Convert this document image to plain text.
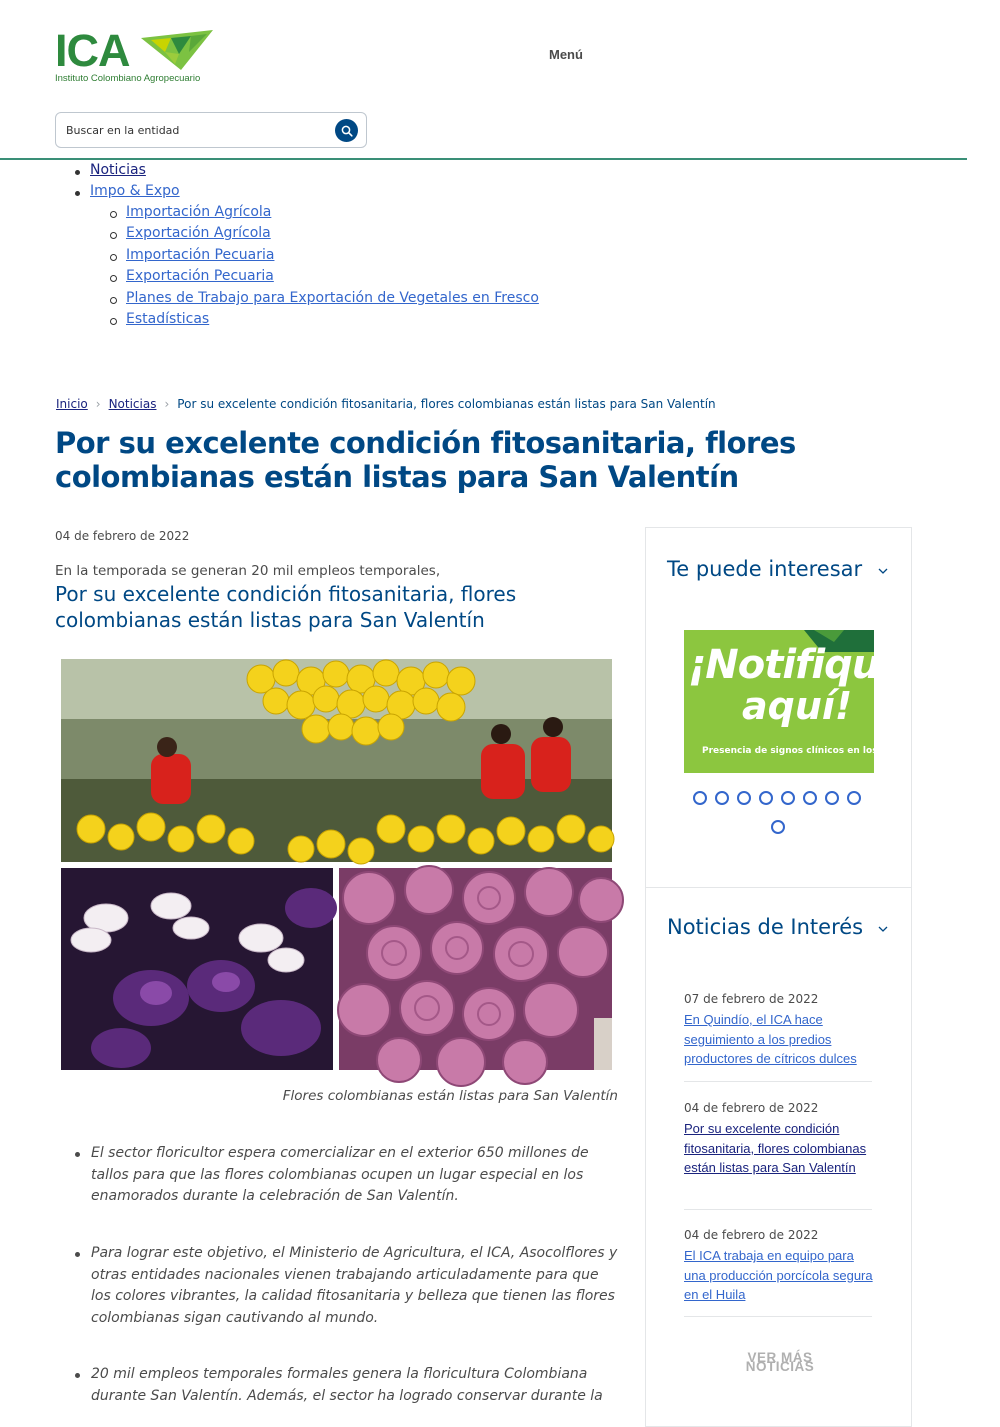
ICA
Instituto Colombiano Agropecuario
Menú
Buscar en la entidad
Noticias
Impo & Expo
Importación Agrícola
Exportación Agrícola
Importación Pecuaria
Exportación Pecuaria
Planes de Trabajo para Exportación de Vegetales en Fresco
Estadísticas
Inicio › Noticias › Por su excelente condición fitosanitaria, flores colombianas están listas para San Valentín
Por su excelente condición fitosanitaria, flores colombianas están listas para San Valentín
04 de febrero de 2022
En la temporada se generan 20 mil empleos temporales,
Por su excelente condición fitosanitaria, flores colombianas están listas para San Valentín
Flores colombianas están listas para San Valentín
El sector floricultor espera comercializar en el exterior 650 millones de tallos para que las flores colombianas ocupen un lugar especial en los enamorados durante la celebración de San Valentín.
Para lograr este objetivo, el Ministerio de Agricultura, el ICA, Asocolflores y otras entidades nacionales vienen trabajando articuladamente para que los colores vibrantes, la calidad fitosanitaria y belleza que tienen las flores colombianas sigan cautivando al mundo.
20 mil empleos temporales formales genera la floricultura Colombiana durante San Valentín. Además, el sector ha logrado conservar durante la
Te puede interesar
¡Notifiqu
aquí!
Presencia de signos clínicos en los an
Noticias de Interés
07 de febrero de 2022
En Quindío, el ICA hace seguimiento a los predios productores de cítricos dulces
04 de febrero de 2022
Por su excelente condición fitosanitaria, flores colombianas están listas para San Valentín
04 de febrero de 2022
El ICA trabaja en equipo para una producción porcícola segura en el Huila
VER MÁS NOTICIAS
